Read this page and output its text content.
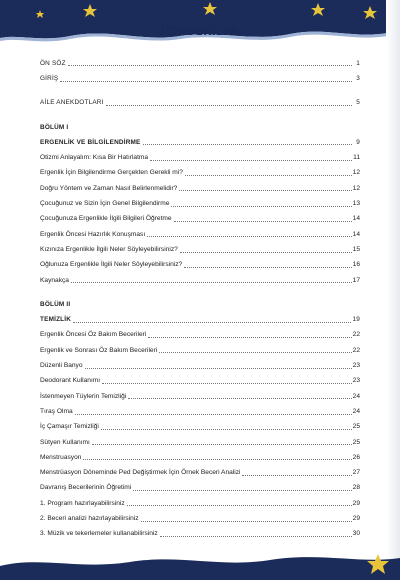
İÇİNDEKİLER
ÖN SÖZ	1
GİRİŞ	3
AİLE ANEKDOTLARI	5
BÖLÜM I
ERGENLİK VE BİLGİLENDİRME	9
Otizmi Anlayalım: Kısa Bir Hatırlatma	11
Ergenlik İçin Bilgilendirme Gerçekten Gerekli mi?	12
Doğru Yöntem ve Zaman Nasıl Belirlenmelidir?	12
Çocuğunuz ve Sizin İçin Genel Bilgilendirme	13
Çocuğunuza Ergenlikle İlgili Bilgileri Öğretme	14
Ergenlik Öncesi Hazırlık Konuşması	14
Kızınıza Ergenlikle İlgili Neler Söyleyebilirsiniz?	15
Oğlunuza Ergenlikle İlgili Neler Söyleyebilirsiniz?	16
Kaynakça	17
BÖLÜM II
TEMİZLİK	19
Ergenlik Öncesi Öz Bakım Becerileri	22
Ergenlik ve Sonrası Öz Bakım Becerileri	22
Düzenli Banyo	23
Deodorant Kullanımı	23
İstenmeyen Tüylerin Temizliği	24
Tıraş Olma	24
İç Çamaşır Temizliği	25
Sütyen Kullanımı	25
Menstruasyon	26
Menstrüasyon Döneminde Ped Değiştirmek İçin Örnek Beceri Analizi	27
Davranış Becerilerinin Öğretimi	28
1. Program hazırlayabilirsiniz	29
2. Beceri analizi hazırlayabilirsiniz	29
3. Müzik ve tekerlemeler kullanabilirsiniz	30
